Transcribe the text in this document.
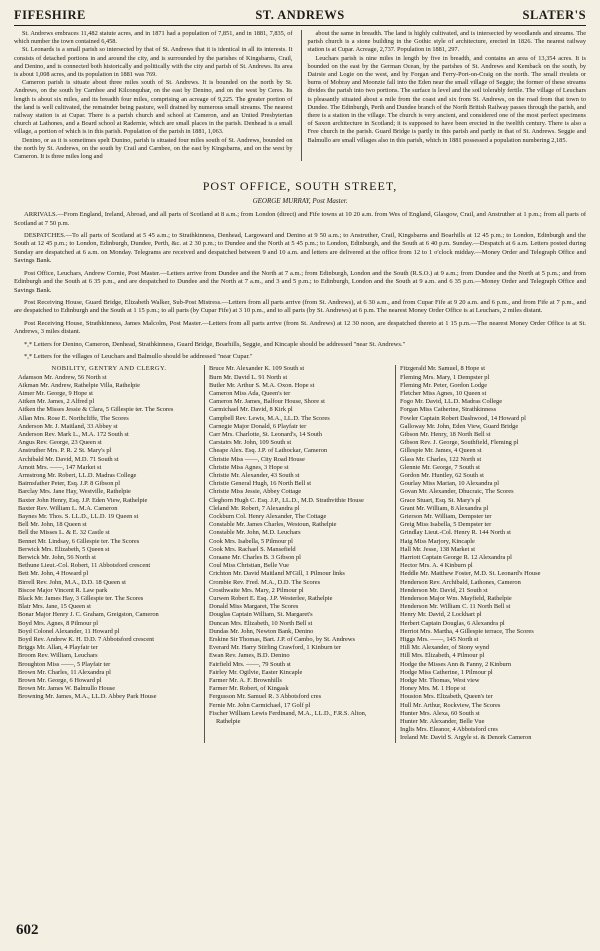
FIFESHIRE	ST. ANDREWS	SLATER'S

St. Andrews embraces 11,482 statute acres, and in 1871 had a population of 7,851, and in 1881, 7,835, of which number the town contained 6,458.

St. Leonards is a small parish so intersected by that of St. Andrews that it is identical in all its interests. It consists of detached portions in and around the city, and is surrounded by the parishes of Kingsbarns, Crail, and Denino, and is connected both historically and politically with the city and parish of St. Andrews. Its area is about 1,008 acres, and its population in 1881 was 769.

Cameron parish is situate about three miles south of St. Andrews. It is bounded on the north by St. Andrews, on the south by Carnbee and Kilconquhar, on the east by Denino, and on the west by Ceres. Its length is about six miles, and its breadth four miles, comprising an acreage of 9,225. The greater portion of the land is well cultivated, the remainder being pasture, well drained by numerous small streams. The nearest railway station is at Cupar. There is a parish church and school at Cameron, and an United Presbyterian church at Lathones, and a Board school at Radernie, which are small places in the parish. Denhead is a small village, a portion of which is in this parish. Population of the parish in 1881, 1,063.

Denino, or as it is sometimes spelt Dunino, parish is situated four miles south of St. Andrews, bounded on the north by St. Andrews, on the south by Crail and Carnbee, on the east by Kingsbarns, and on the west by Cameron. It is three miles long and

about the same in breadth. The land is highly cultivated, and is intersected by woodlands and streams. The parish church is a stone building in the Gothic style of architecture, erected in 1826. The nearest railway station is at Cupar. Acreage, 2,737. Population in 1881, 297.

Leuchars parish is nine miles in length by five in breadth, and contains an area of 13,354 acres. It is bounded on the east by the German Ocean, by the parishes of St. Andrews and Kemback on the south, by Dairsie and Logie on the west, and by Forgan and Ferry-Port-on-Craig on the north. The small rivulets or burns of Mobray and Moonzie fall into the Eden near the small village of Seggie; the former of these streams divides the parish into two portions. The surface is level and the soil tolerably fertile. The village of Leuchars is pleasantly situated about a mile from the coast and six from St. Andrews, on the road from that town to Dundee. The Edinburgh, Perth and Dundee branch of the North British Railway passes through the parish, and there is a station in the village. The church is very ancient, and considered one of the most perfect specimens of Saxon architecture in Scotland; it is supposed to have been erected in the twelfth century. There is also a Free church in the parish. Guard Bridge is partly in this parish and partly in that of St. Andrews. Seggie and Balmullo are small villages also in this parish, which in 1881 possessed a population numbering 2,185.

POST OFFICE, SOUTH STREET,
GEORGE MURRAY, Post Master.

ARRIVALS.—From England, Ireland, Abroad, and all parts of Scotland at 8 a.m.; from London (direct) and Fife towns at 10 20 a.m. from Wes of England, Glasgow, Crail, and Anstruther at 1 p.m.; from all parts of Scotland at 7 50 p.m.

DESPATCHES.—To all parts of Scotland at 5 45 a.m.; to Strathkinness, Denhead, Largoward and Denino at 9 50 a.m.; to Anstruther, Crail, Kingsbarns and Boarhills at 12 45 p.m.; to London, Edinburgh and the South at 12 45 p.m.; to London, Edinburgh, Dundee, Perth, &c. at 2 30 p.m.; to Dundee and the North at 5 45 p.m.; to London, Edinburgh, and the South at 6 40 p.m. Sunday.—Despatch at 6 a.m. Letters posted during Sunday are despatched at 6 a.m. on Monday. Telegrams are received and despatched between 9 and 10 a.m. and letters are delivered at the office from 12 to 1 o'clock midday.—Money Order and Telegraph Office and Savings Bank.

Post Office, Leuchars, Andrew Cornie, Post Master.—Letters arrive from Dundee and the North at 7 a.m.; from Edinburgh, London and the South (R.S.O.) at 9 a.m.; from Dundee and the North at 5 p.m.; and from Edinburgh and the South at 6 35 p.m., and are despatched to Dundee and the North at 7 a.m., and 3 and 5 p.m.; to Edinburgh, London and the South at 9 a.m. and 6 35 p.m.—Money Order and Telegraph Office and Savings Bank.

Post Receiving House, Guard Bridge, Elizabeth Walker, Sub-Post Mistress.—Letters from all parts arrive (from St. Andrews), at 6 30 a.m., and from Cupar Fife at 9 20 a.m. and 6 p.m., and from Fife at 7 p.m., and are despatched to Edinburgh and the South at 1 15 p.m.; to all parts (by Cupar Fife) at 3 10 p.m., and to all parts (by St. Andrews) at 6 p.m. The nearest Money Order Office is at Leuchars, 2 miles distant.

Post Receiving House, Strathkinness, James Malcolm, Post Master.—Letters from all parts arrive (from St. Andrews) at 12 30 noon, are despatched thereto at 1 15 p.m.—The nearest Money Order Office is at St. Andrews, 3 miles distant.

*,* Letters for Denino, Cameron, Denhead, Strathkinness, Guard Bridge, Boarhills, Seggie, and Kincaple should be addressed "near St. Andrews."

*,* Letters for the villages of Leuchars and Balmullo should be addressed "near Cupar."

NOBILITY, GENTRY AND CLERGY.
Adamson Mr. Andrew, 56 North st
Aikman Mr. Andrew, Rathelpie Villa, Rathelpie
Aimer Mr. George, 9 Hope st
Aitken Mr. James, 2 Alfred pl
Aitken the Misses Jessie & Clara, 5 Gillespie ter. The Scores
Allan Mrs. Rose E. Northcliffe, The Scores
Anderson Mr. J. Maitland, 33 Abbey st
Anderson Rev. Mark L., M.A. 172 South st
Angus Rev. George, 23 Queen st
Anstruther Mrs. P. R. 2 St. Mary's pl
Archibald Mr. David, M.D. 71 South st
Arnott Mrs. ——, 147 Market st
Armstrong Mr. Robert, LL.D. Madras College
Bairnsfather Peter, Esq. J.P. 8 Gibson pl
Barclay Mrs. Jane Hay, Westville, Rathelpie
Baxter John Henry, Esq. J.P. Eden View, Rathelpie
Baxter Rev. William L. M.A. Cameron
Baynes Mr. Thos. S. LL.D., LL.D. 19 Queen st
Bell Mr. John, 18 Queen st
Bell the Misses L. & E. 32 Castle st
Bennet Mr. Lindsay, 6 Gillespie ter. The Scores
Berwick Mrs. Elizabeth, 5 Queen st
Berwick Mr. John, 56 North st
Bethune Lieut.-Col. Robert, 11 Abbotsford crescent
Bett Mr. John, 4 Howard pl
Birrell Rev. John, M.A., D.D. 18 Queen st
Biscoe Major Vincent R. Law park
Black Mr. James Hay, 3 Gillespie ter. The Scores
Blair Mrs. Jane, 15 Queen st
Bonar Major Henry J. C. Graham, Greigston, Cameron
Boyd Mrs. Agnes, 8 Pilmour pl
Boyd Colonel Alexander, 11 Howard pl
Boyd Rev. Andrew K. H. D.D. 7 Abbotsford crescent
Briggs Mr. Allan, 4 Playfair ter
Broom Rev. William, Leuchars
Broughton Miss ——, 5 Playfair ter
Brown Mr. Charles, 11 Alexandra pl
Brown Mr. George, 6 Howard pl
Brown Mr. James W. Balmullo House
Browning Mr. James, M.A., LL.D. Abbey Park House
Bruce Mr. Alexander K. 109 South st
Burn Mr. David L. 91 North st
Butler Mr. Arthur S. M.A. Oxon. Hope st
Cameron Miss Ada, Queen's ter
Cameron Mr. James, Balfour House, Shore st
Carmichael Mr. David, 8 Kirk pl
Campbell Rev. Lewis, M.A., LL.D. The Scores
Carnegie Major Donald, 6 Playfair ter
Carr Mrs. Charlotte, St. Leonard's, 14 South
Carstairs Mr. John, 109 South st
Cheape Alex. Esq. J.P. of Lathockar, Cameron
Christie Miss ——, City Road House
Christie Miss Agnes, 3 Hope st
Christie Mr. Alexander, 43 South st
Christie General Hugh, 16 North Bell st
Christie Miss Jessie, Abbey Cottage
Cleghorn Hugh C. Esq. J.P., LL.D., M.D. Strathvithie House
Cleland Mr. Robert, 7 Alexandra pl
Cockburn Col. Henry Alexander, The Cottage
Constable Mr. James Charles, Westoun, Rathelpie
Constable Mr. John, M.D. Leuchars
Cook Mrs. Isabella, 5 Pilmour pl
Cook Mrs. Rachael S. Mansefield
Coraane Mr. Charles B. 3 Gibson pl
Coul Miss Christian, Belle Vue
Crichton Mr. David Maitland M'Gill, 1 Pilmour links
Crombie Rev. Fred. M.A., D.D. The Scores
Crosthwaite Mrs. Mary, 2 Pilmour pl
Curwen Robert E. Esq. J.P. Westerlee, Rathelpie
Donald Miss Margaret, The Scores
Douglas Captain William, St. Margaret's
Duncan Mrs. Elizabeth, 10 North Bell st
Dundas Mr. John, Newton Bank, Denino
Erskine Sir Thomas, Bart. J.P. of Cambo, by St. Andrews
Everard Mr. Harry Stirling Crawford, 1 Kinburn ter
Ewan Rev. James, B.D. Denino
Fairfield Mrs. ——, 79 South st
Fairley Mr. Ogilvie, Easter Kincaple
Farmer Mr. A. F. Brownhills
Farmer Mr. Robert, of Kingask
Fergusson Mr. Samuel R. 3 Abbotsford cres
Fernie Mr. John Carmichael, 17 Golf pl
Fischer William Lewis Ferdinand, M.A., LL.D., F.R.S. Alton, Rathelpie
Fitzgerald Mr. Samuel, 8 Hope st
Fleming Mrs. Mary, 1 Dempster pl
Fleming Mr. Peter, Gordon Lodge
Fletcher Miss Agnes, 10 Queen st
Fogo Mr. David, LL.D. Madras College
Forgan Miss Catherine, Strathkinness
Fowler Captain Robert Dashwood, 14 Howard pl
Galloway Mr. John, Eden View, Guard Bridge
Gibson Mr. Henry, 18 North Bell st
Gibson Rev. J. George, Southfield, Fleming pl
Gillespie Mr. James, 4 Queen st
Glass Mr. Charles, 122 North st
Glennie Mr. George, 7 South st
Gordon Mr. Huntley, 62 South st
Gourlay Miss Marian, 10 Alexandra pl
Govan Mr. Alexander, Dhucraic, The Scores
Grace Stuart, Esq. St. Mary's pl
Grant Mr. William, 8 Alexandra pl
Grierson Mr. William, Dempster ter
Greig Miss Isabella, 5 Dempster ter
Grindlay Lieut.-Col. Henry R. 144 North st
Haig Miss Marjory, Kincaple
Hall Mr. Jesse, 138 Market st
Harriott Captain George R. 12 Alexandra pl
Hector Mrs. A. 4 Kinburn pl
Heddle Mr. Matthew Foster, M.D. St. Leonard's House
Henderson Rev. Archibald, Lathones, Cameron
Henderson Mr. David, 21 South st
Henderson Major Wm. Mayfield, Rathelpie
Henderson Mr. William C. 11 North Bell st
Henry Mr. David, 2 Lockhart pl
Herbert Captain Douglas, 6 Alexandra pl
Herriot Mrs. Martha, 4 Gillespie terrace, The Scores
Higgs Mrs. ——, 145 North st
Hill Mr. Alexander, of Stony wynd
Hill Mrs. Elizabeth, 4 Pilmour pl
Hodge the Misses Ann & Fanny, 2 Kinburn
Hodge Miss Catherine, 1 Pilmour pl
Hodge Mr. Thomas, West view
Honey Mrs. M. 1 Hope st
Houston Mrs. Elizabeth, Queen's ter
Hull Mr. Arthur, Rockview, The Scores
Hunter Mrs. Alexa, 60 South st
Hunter Mr. Alexander, Belle Vue
Inglis Mrs. Eleanor, 4 Abbotsford cres
Ireland Mr. David S. Argyle st. & Denork Cameron
602
